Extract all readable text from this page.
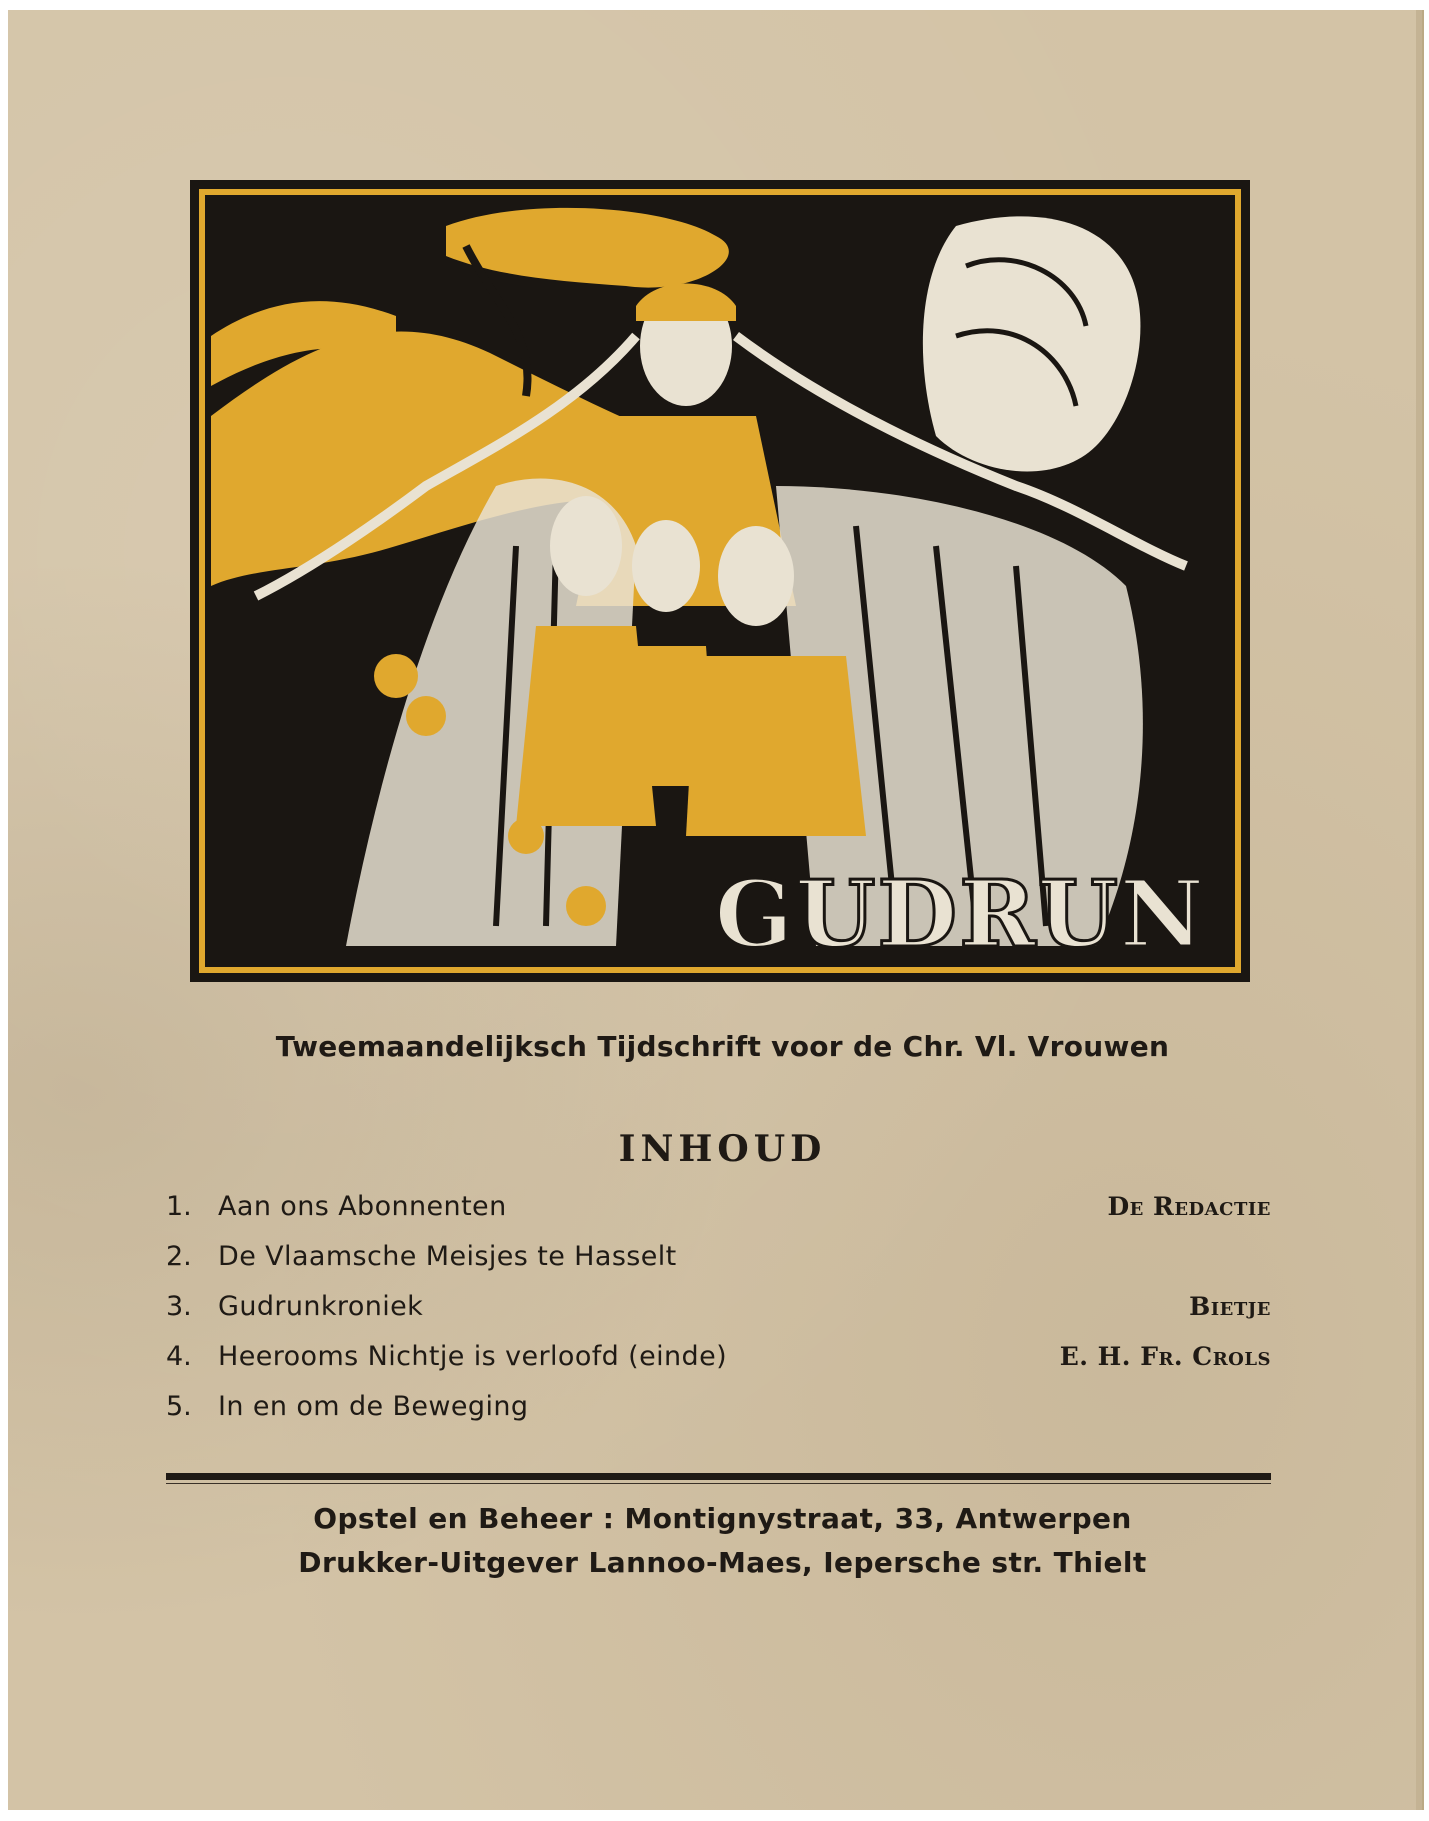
GUDRUN
Tweemaandelijksch Tijdschrift voor de Chr. Vl. Vrouwen
INHOUD
1. Aan ons Abonnenten	De Redactie
2. De Vlaamsche Meisjes te Hasselt
3. Gudrunkroniek	Bietje
4. Heerooms Nichtje is verloofd (einde)	E. H. Fr. Crols
5. In en om de Beweging
Opstel en Beheer : Montignystraat, 33, Antwerpen
Drukker-Uitgever Lannoo-Maes, Iepersche str. Thielt
